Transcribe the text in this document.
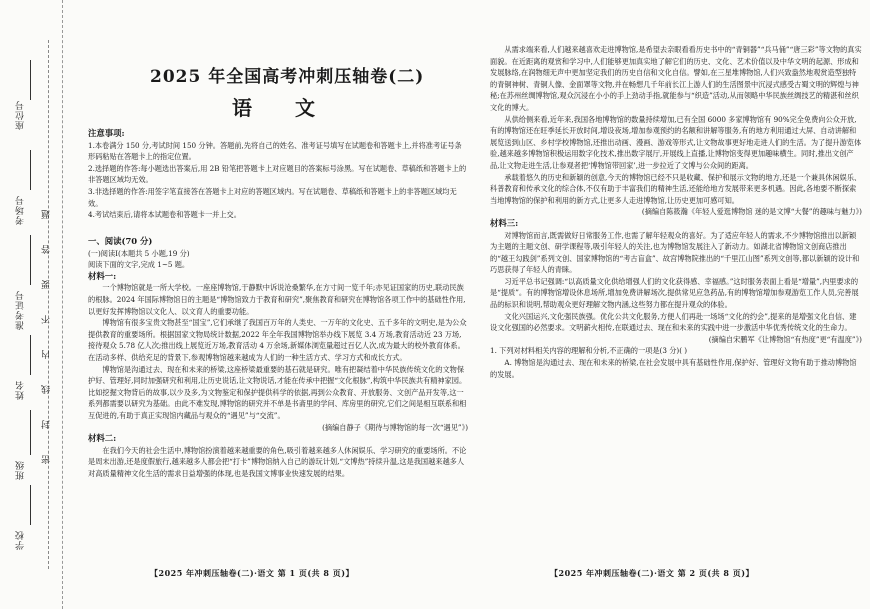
座位号
考场号
准考证号
姓名
班级
学校
题
答
要
不
内
线
封
密
2025 年全国高考冲刺压轴卷(二)
语 文

注意事项:

1.本卷满分 150 分,考试时间 150 分钟。答题前,先将自己的姓名、准考证号填写在试题卷和答题卡上,并将准考证号条形码粘贴在答题卡上的指定位置。

2.选择题的作答:每小题选出答案后,用 2B 铅笔把答题卡上对应题目的答案标号涂黑。写在试题卷、草稿纸和答题卡上的非答题区域均无效。

3.非选择题的作答:用签字笔直接答在答题卡上对应的答题区域内。写在试题卷、草稿纸和答题卡上的非答题区域均无效。

4.考试结束后,请将本试题卷和答题卡一并上交。

一、阅读(70 分)

(一)阅读Ⅰ(本题共 5 小题,19 分)

阅读下面的文字,完成 1~5 题。

材料一:

一个博物馆就是一所大学校。一座座博物馆,于静默中诉说沧桑繁华,在方寸间一览千年;亦见证国家的历史,联动民族的根脉。2024 年国际博物馆日的主题是“博物馆致力于教育和研究”,聚焦教育和研究在博物馆各项工作中的基础性作用,以更好发挥博物馆以文化人、以文育人的重要功能。

博物馆有很多宝贵文物甚至“国宝”,它们承继了我国百万年的人类史、一万年的文化史、五千多年的文明史,是为公众提供教育的重要场所。根据国家文物局统计数据,2022 年全年我国博物馆举办线下展览 3.4 万场,教育活动近 23 万场,接待观众 5.78 亿人次;推出线上展览近万场,教育活动 4 万余场,新媒体浏览量超过百亿人次,成为最大的校外教育体系。在活动多样、供给充足的背景下,参观博物馆越来越成为人们的一种生活方式、学习方式和成长方式。

博物馆是沟通过去、现在和未来的桥梁,这座桥梁最重要的基石就是研究。唯有把凝结着中华民族传统文化的文物保护好、管理好,同时加强研究和利用,让历史说话,让文物说话,才能在传承中把握“文化根脉”,构筑中华民族共有精神家园。比如挖掘文物背后的故事,以少及多,为文物鉴定和保护提供科学的依据,再到公众教育、开放服务、文创产品开发等,这一系列都需要以研究为基础。由此不难发现,博物馆的研究并不单是书斋里的学问、库房里的研究,它们之间是相互联系和相互促进的,有助于真正实现馆内藏品与观众的“遇见”与“交流”。

(摘编自静子《期待与博物馆的每一次“遇见”》)

材料二:

在我们今天的社会生活中,博物馆扮演着越来越重要的角色,吸引着越来越多人休闲娱乐、学习研究的重要场所。不论是周末出游,还是度假旅行,越来越多人都会把“打卡”博物馆纳入自己的游玩计划,“文博热”持续升温,这是我国越来越多人对高质量精神文化生活的需求日益增强的体现,也是我国文博事业快速发展的结果。

【2025 年冲刺压轴卷(二)·语文 第 1 页(共 8 页)】

从需求端来看,人们越来越喜欢走进博物馆,是希望去亲眼看看历史书中的“青铜器”“兵马俑”“唐三彩”等文物的真实面貌。在近距离的观赏和学习中,人们能够更加真实地了解它们的历史、文化、艺术价值以及中华文明的起源、形成和发展脉络,在润物细无声中更加坚定我们的历史自信和文化自信。譬如,在三星堆博物馆,人们兴致盎然地观赏造型独特的青铜神树、青铜人像、金面罩等文物,并在畅想几千年前长江上游人们的生活图景中沉浸式感受古蜀文明的辉煌与神秘;在苏州丝绸博物馆,观众沉浸在小小的手上劲动手指,就能参与“织造”活动,从而领略中华民族丝绸技艺的精湛和丝织文化的博大。

从供给侧来看,近年来,我国各地博物馆的数量持续增加,已有全国 6000 多家博物馆有 90%完全免费向公众开放,有的博物馆还在旺季延长开放时间,增设夜场,增加参观预约的名额和讲解等服务,有的地方利用通过大屏、自动讲解和展览送到山区、乡村学校博物馆,还推出动画、漫画、游戏等形式,让文物故事更好地走进人们的生活。为了提升游览体验,越来越多博物馆积极运用数字化技术,推出数字展厅,开展线上直播,让博物馆变得更加趣味横生。同时,推出文创产品,让文物走进生活,让参观者把‘博物馆带回家’,进一步拉近了文博与公众间的距离。

承载着悠久的历史和新颖的创意,今天的博物馆已经不只是收藏、保护和展示文物的地方,还是一个兼具休闲娱乐、科普教育和传承文化的综合体,不仅有助于丰富我们的精神生活,还能给地方发展带来更多机遇。因此,各地要不断探索当地博物馆的保护和利用的新方式,让更多人走进博物馆,让历史更加可感可知。

(摘编自陈筱瀚《年轻人爱逛博物馆 迷的是文博“大餐”的趣味与魅力》)

材料三:

对博物馆而言,既需做好日常服务工作,也需了解年轻观众的喜好。为了适应年轻人的需求,不少博物馆推出以新颖为主题的主题文创、研学课程等,吸引年轻人的关注,也为博物馆发展注入了新动力。如湖北省博物馆文创商店推出的“越王勾践剑”系列文创、国家博物馆的“考古盲盒”、故宫博物院推出的“千里江山图”系列文创等,都以新颖的设计和巧思获得了年轻人的青睐。

习近平总书记强调:“以高质量文化供给增强人们的文化获得感、幸福感。”这时服务表面上看是“增量”,内里要求的是“提质”。有的博物馆增设休息场所,增加免费讲解场次,提供常见应急药品,有的博物馆增加参观游览工作人员,完善展品的标识和说明,帮助观众更好理解文物内涵,这些努力都在提升观众的体验。

文化兴国运兴,文化强民族强。优化公共文化服务,方便人们再赴一场场“文化的约会”,提来的是增强文化自信、建设文化强国的必然要求。文明薪火相传,在联通过去、现在和未来的实践中进一步激活中华优秀传统文化的生命力。

(摘编自宋鹏军《让博物馆“有热度”更“有温度”》)

1. 下列对材料相关内容的理解和分析,不正确的一项是(3 分)( )

A. 博物馆是沟通过去、现在和未来的桥梁,在社会发展中具有基础性作用,保护好、管理好文物有助于推动博物馆的发展。

【2025 年冲刺压轴卷(二)·语文 第 2 页(共 8 页)】
